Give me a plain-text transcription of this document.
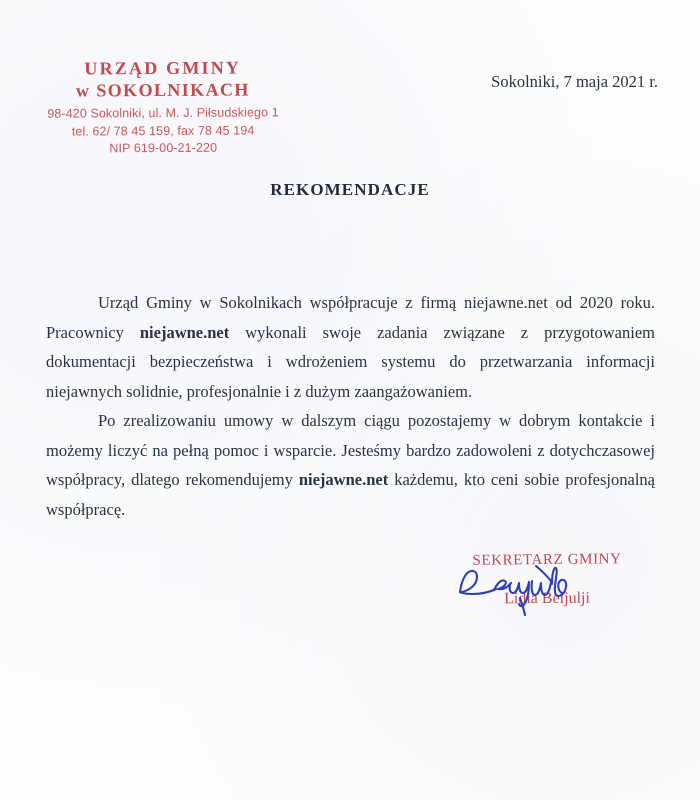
URZĄD GMINY
w SOKOLNIKACH
98-420 Sokolniki, ul. M. J. Piłsudskiego 1
tel. 62/ 78 45 159, fax 78 45 194
NIP 619-00-21-220
Sokolniki, 7 maja 2021 r.
REKOMENDACJE

Urząd Gminy w Sokolnikach współpracuje z firmą niejawne.net od 2020 roku. Pracownicy niejawne.net wykonali swoje zadania związane z przygotowaniem dokumentacji bezpieczeństwa i wdrożeniem systemu do przetwarzania informacji niejawnych solidnie, profesjonalnie i z dużym zaangażowaniem.

Po zrealizowaniu umowy w dalszym ciągu pozostajemy w dobrym kontakcie i możemy liczyć na pełną pomoc i wsparcie. Jesteśmy bardzo zadowoleni z dotychczasowej współpracy, dlatego rekomendujemy niejawne.net każdemu, kto ceni sobie profesjonalną współpracę.

SEKRETARZ GMINY
Lidia Beljulji
